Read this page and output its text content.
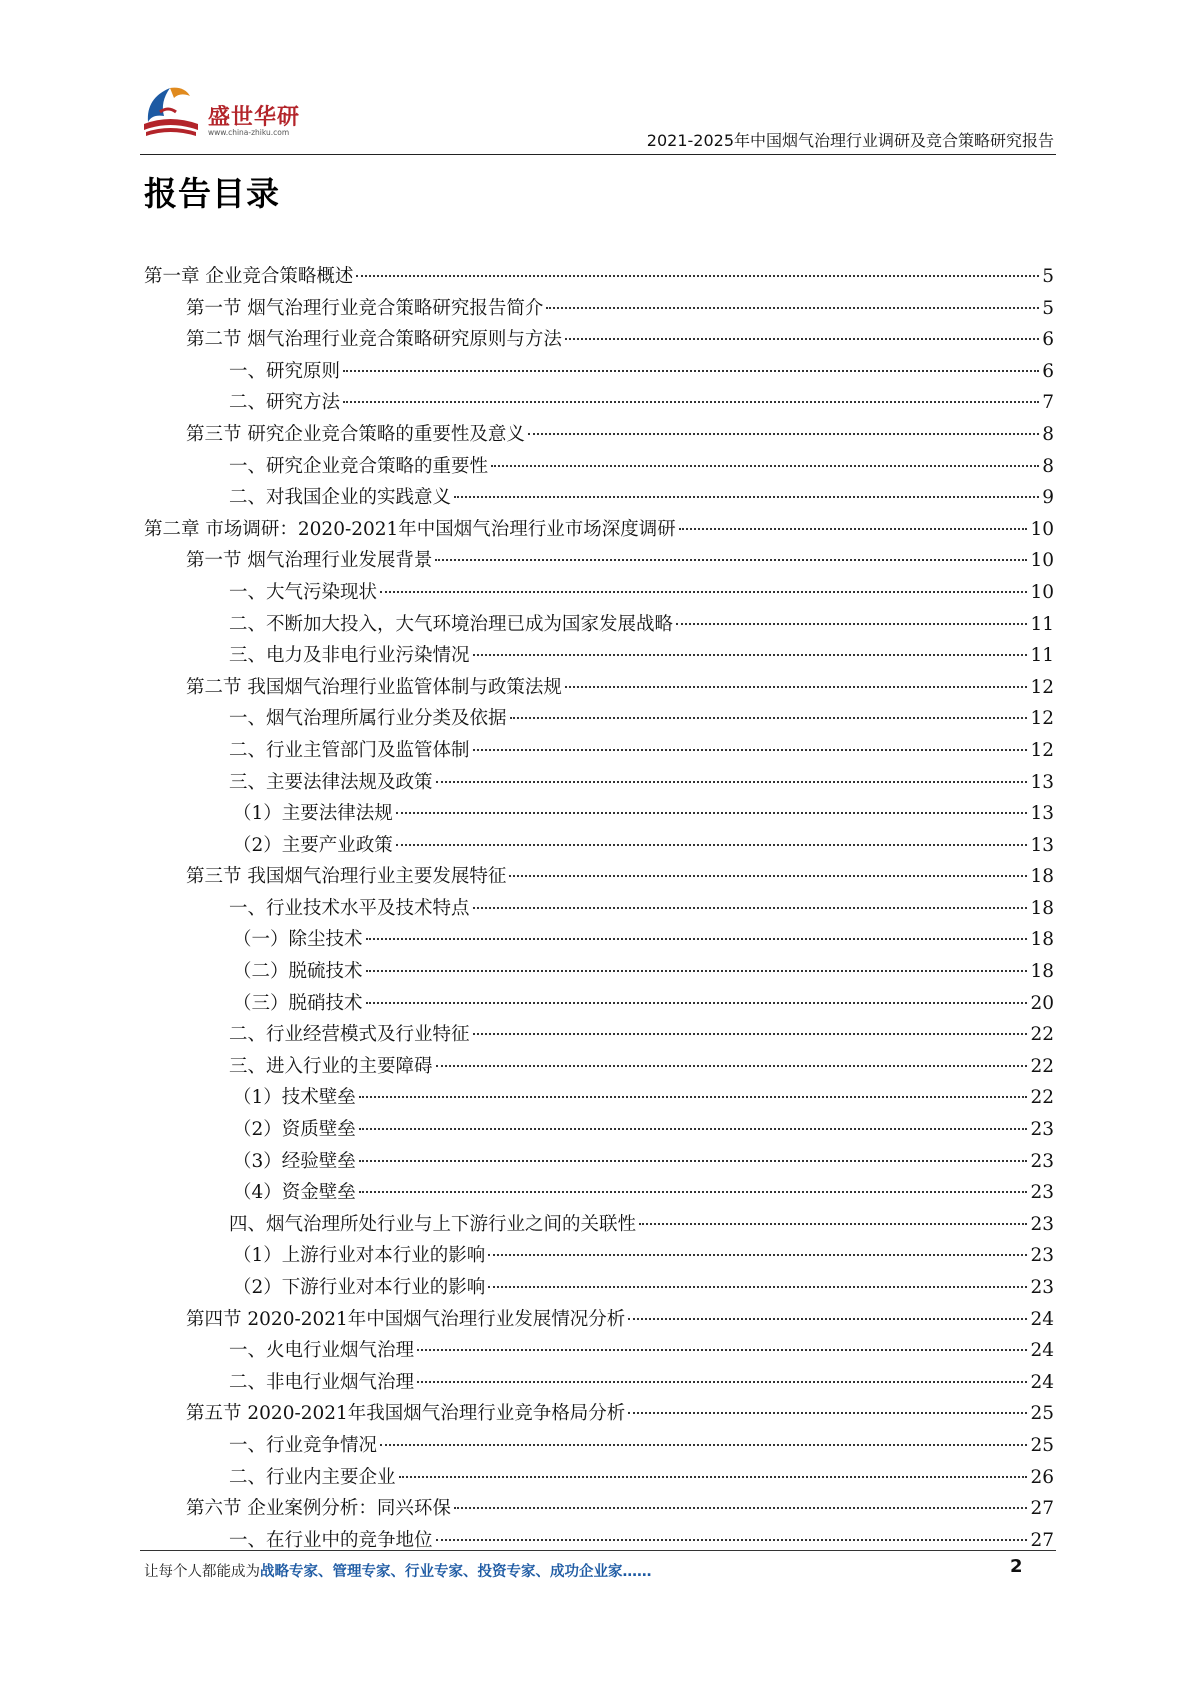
盛世华研
www.china-zhiku.com	2021-2025年中国烟气治理行业调研及竞合策略研究报告
报告目录
第一章 企业竞合策略概述	5
第一节 烟气治理行业竞合策略研究报告简介	5
第二节 烟气治理行业竞合策略研究原则与方法	6
一、研究原则	6
二、研究方法	7
第三节 研究企业竞合策略的重要性及意义	8
一、研究企业竞合策略的重要性	8
二、对我国企业的实践意义	9
第二章 市场调研：2020-2021年中国烟气治理行业市场深度调研	10
第一节 烟气治理行业发展背景	10
一、大气污染现状	10
二、不断加大投入，大气环境治理已成为国家发展战略	11
三、电力及非电行业污染情况	11
第二节 我国烟气治理行业监管体制与政策法规	12
一、烟气治理所属行业分类及依据	12
二、行业主管部门及监管体制	12
三、主要法律法规及政策	13
（1）主要法律法规	13
（2）主要产业政策	13
第三节 我国烟气治理行业主要发展特征	18
一、行业技术水平及技术特点	18
（一）除尘技术	18
（二）脱硫技术	18
（三）脱硝技术	20
二、行业经营模式及行业特征	22
三、进入行业的主要障碍	22
（1）技术壁垒	22
（2）资质壁垒	23
（3）经验壁垒	23
（4）资金壁垒	23
四、烟气治理所处行业与上下游行业之间的关联性	23
（1）上游行业对本行业的影响	23
（2）下游行业对本行业的影响	23
第四节 2020-2021年中国烟气治理行业发展情况分析	24
一、火电行业烟气治理	24
二、非电行业烟气治理	24
第五节 2020-2021年我国烟气治理行业竞争格局分析	25
一、行业竞争情况	25
二、行业内主要企业	26
第六节 企业案例分析：同兴环保	27
一、在行业中的竞争地位	27
让每个人都能成为战略专家、管理专家、行业专家、投资专家、成功企业家……	2
